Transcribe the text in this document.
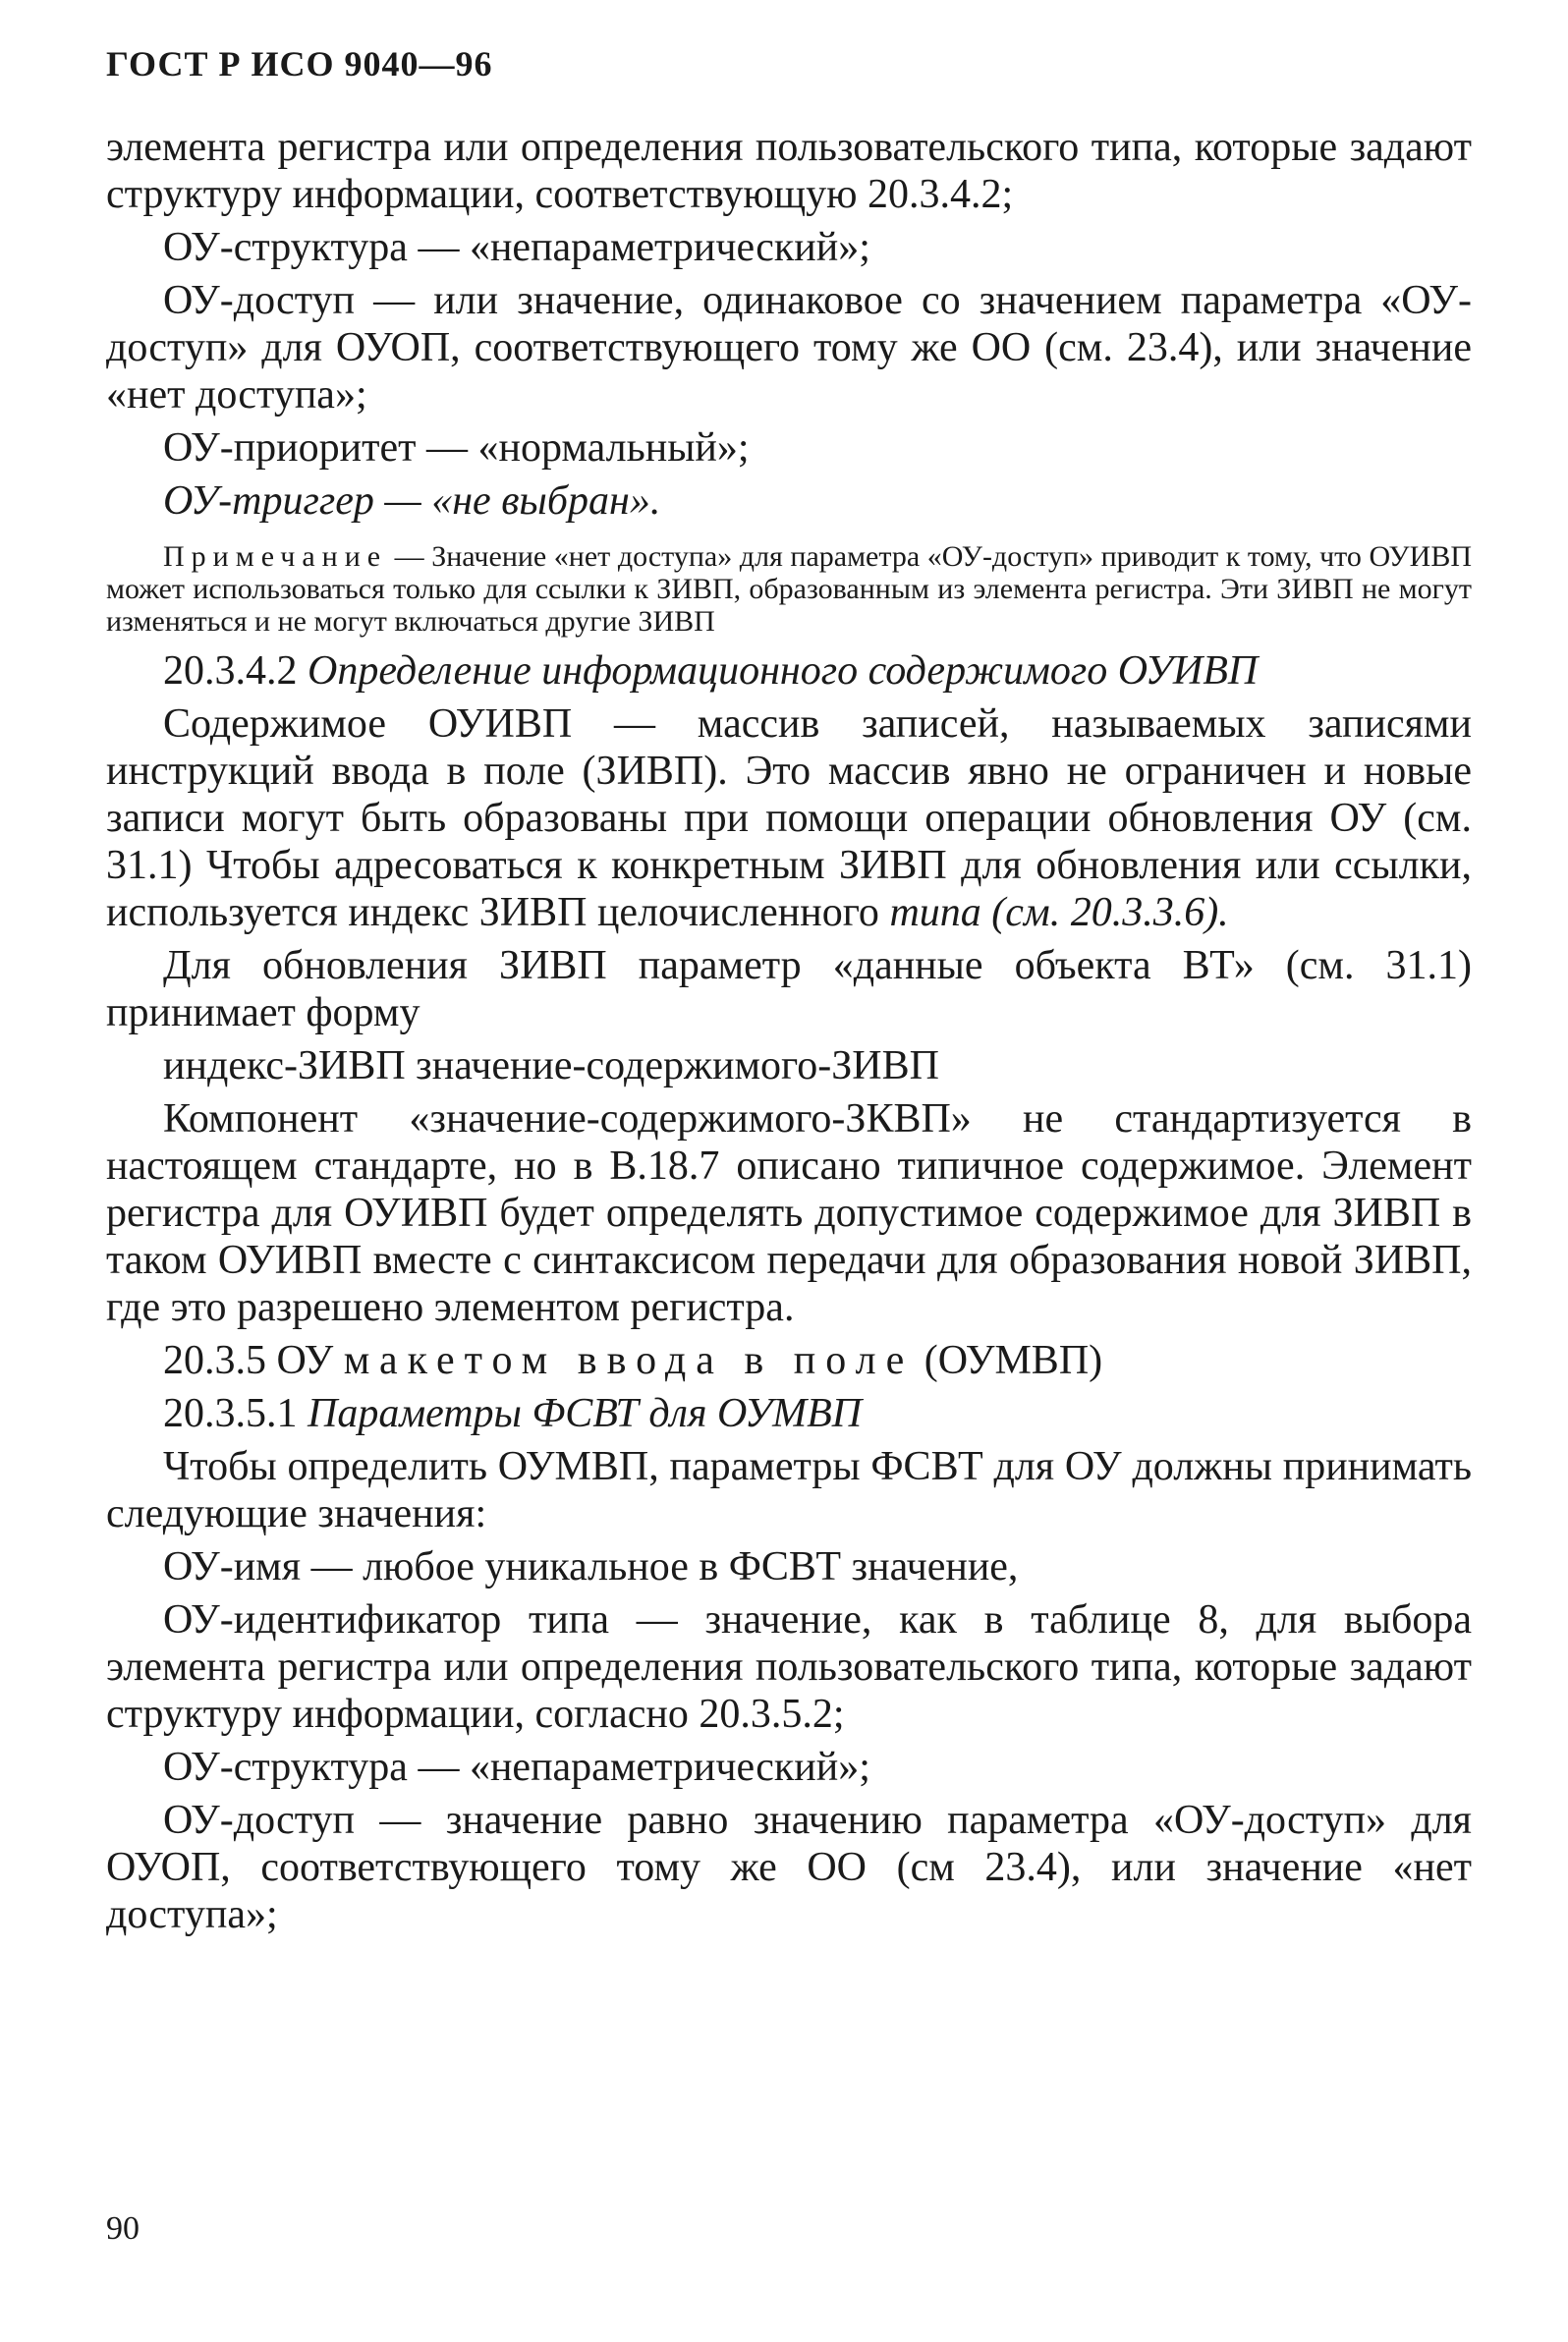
ГОСТ Р ИСО 9040—96

элемента регистра или определения пользовательского типа, которые задают структуру информации, соответствующую 20.3.4.2;

ОУ-структура — «непараметрический»;

ОУ-доступ — или значение, одинаковое со значением параметра «ОУ-доступ» для ОУОП, соответствующего тому же ОО (см. 23.4), или значение «нет доступа»;

ОУ-приоритет — «нормальный»;

ОУ-триггер — «не выбран».

Примечание — Значение «нет доступа» для параметра «ОУ-доступ» приводит к тому, что ОУИВП может использоваться только для ссылки к ЗИВП, образованным из элемента регистра. Эти ЗИВП не могут изменяться и не могут включаться другие ЗИВП

20.3.4.2 Определение информационного содержимого ОУИВП

Содержимое ОУИВП — массив записей, называемых записями инструкций ввода в поле (ЗИВП). Это массив явно не ограничен и новые записи могут быть образованы при помощи операции обновления ОУ (см. 31.1) Чтобы адресоваться к конкретным ЗИВП для обновления или ссылки, используется индекс ЗИВП целочисленного типа (см. 20.3.3.6).

Для обновления ЗИВП параметр «данные объекта ВТ» (см. 31.1) принимает форму

индекс-ЗИВП значение-содержимого-ЗИВП

Компонент «значение-содержимого-ЗКВП» не стандартизуется в настоящем стандарте, но в В.18.7 описано типичное содержимое. Элемент регистра для ОУИВП будет определять допустимое содержимое для ЗИВП в таком ОУИВП вместе с синтаксисом передачи для образования новой ЗИВП, где это разрешено элементом регистра.

20.3.5 ОУ макетом ввода в поле (ОУМВП)

20.3.5.1 Параметры ФСВТ для ОУМВП

Чтобы определить ОУМВП, параметры ФСВТ для ОУ должны принимать следующие значения:

ОУ-имя — любое уникальное в ФСВТ значение,

ОУ-идентификатор типа — значение, как в таблице 8, для выбора элемента регистра или определения пользовательского типа, которые задают структуру информации, согласно 20.3.5.2;

ОУ-структура — «непараметрический»;

ОУ-доступ — значение равно значению параметра «ОУ-доступ» для ОУОП, соответствующего тому же ОО (см 23.4), или значение «нет доступа»;

90
